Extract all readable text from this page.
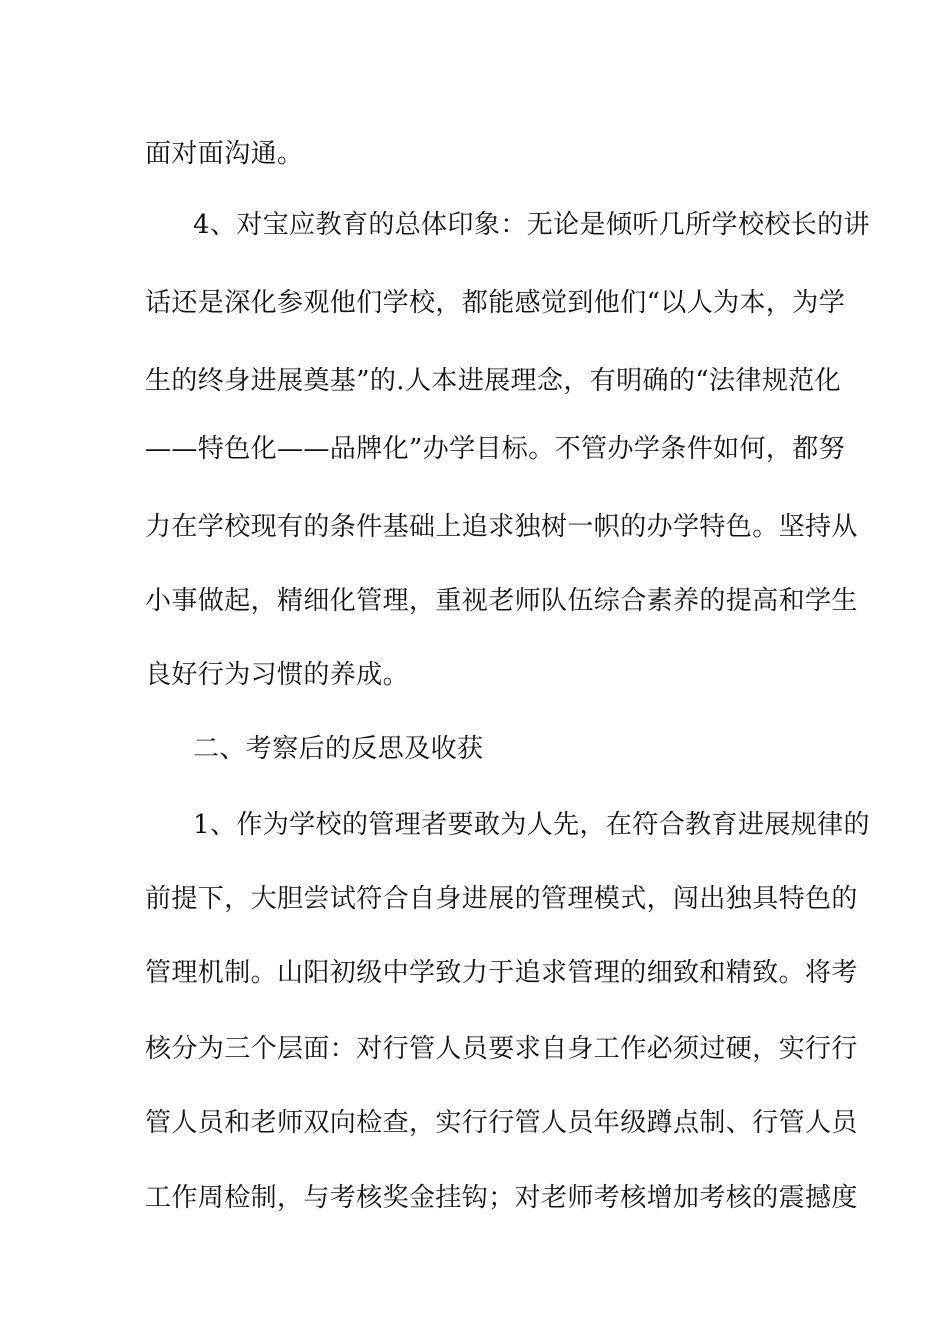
面对面沟通。
4、对宝应教育的总体印象：无论是倾听几所学校校长的讲
话还是深化参观他们学校，都能感觉到他们“以人为本，为学
生的终身进展奠基”的.人本进展理念，有明确的“法律规范化
——特色化——品牌化”办学目标。不管办学条件如何，都努
力在学校现有的条件基础上追求独树一帜的办学特色。坚持从
小事做起，精细化管理，重视老师队伍综合素养的提高和学生
良好行为习惯的养成。
二、考察后的反思及收获
1、作为学校的管理者要敢为人先，在符合教育进展规律的
前提下，大胆尝试符合自身进展的管理模式，闯出独具特色的
管理机制。山阳初级中学致力于追求管理的细致和精致。将考
核分为三个层面：对行管人员要求自身工作必须过硬，实行行
管人员和老师双向检查，实行行管人员年级蹲点制、行管人员
工作周检制，与考核奖金挂钩；对老师考核增加考核的震撼度
